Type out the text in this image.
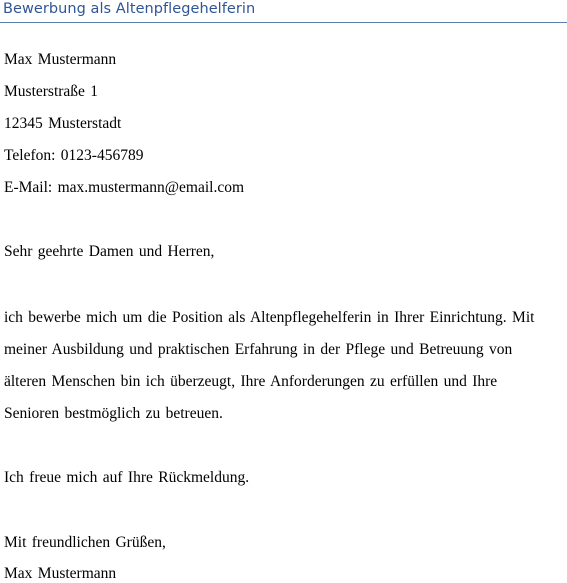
Bewerbung als Altenpflegehelferin
Max Mustermann
Musterstraße 1
12345 Musterstadt
Telefon: 0123-456789
E-Mail: max.mustermann@email.com
Sehr geehrte Damen und Herren,
ich bewerbe mich um die Position als Altenpflegehelferin in Ihrer Einrichtung. Mit
meiner Ausbildung und praktischen Erfahrung in der Pflege und Betreuung von
älteren Menschen bin ich überzeugt, Ihre Anforderungen zu erfüllen und Ihre
Senioren bestmöglich zu betreuen.
Ich freue mich auf Ihre Rückmeldung.
Mit freundlichen Grüßen,
Max Mustermann
